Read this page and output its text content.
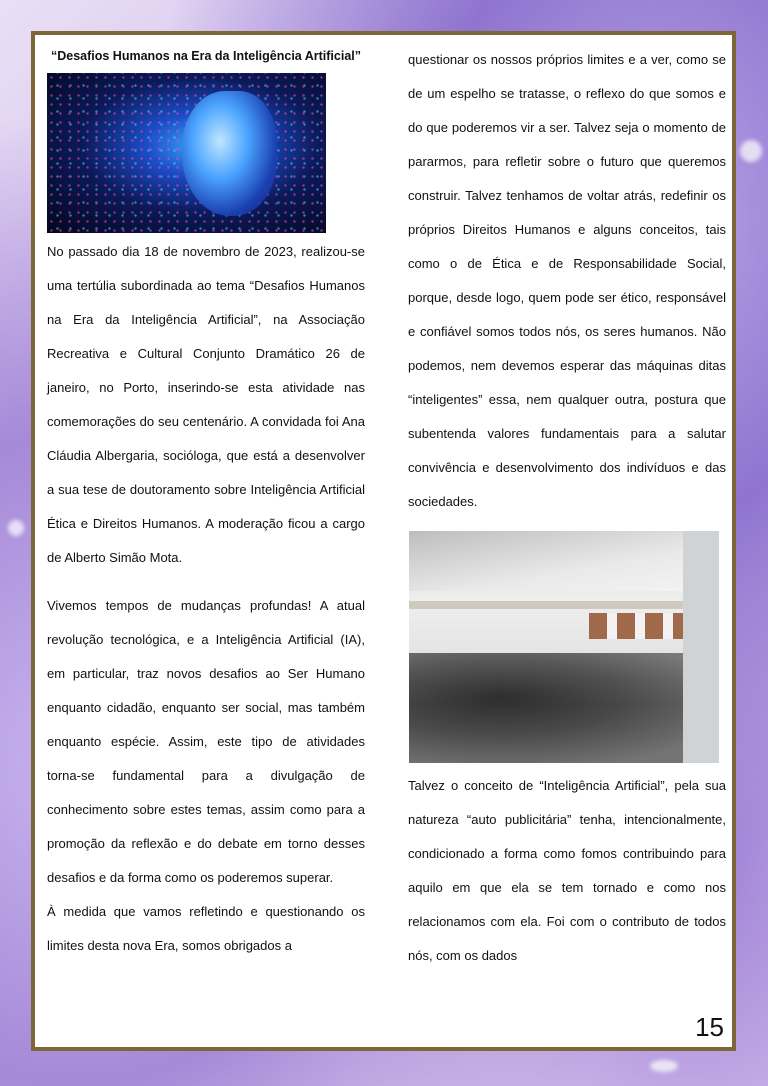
“Desafios Humanos na Era da Inteligência Artificial”

No passado dia 18 de novembro de 2023, realizou-se uma tertúlia subordinada ao tema “Desafios Humanos na Era da Inteligência Artificial”, na Associação Recreativa e Cultural Conjunto Dramático 26 de janeiro, no Porto, inserindo-se esta atividade nas comemorações do seu centenário. A convidada foi Ana Cláudia Albergaria, socióloga, que está a desenvolver a sua tese de doutoramento sobre Inteligência Artificial Ética e Direitos Humanos. A moderação ficou a cargo de Alberto Simão Mota.

Vivemos tempos de mudanças profundas! A atual revolução tecnológica, e a Inteligência Artificial (IA), em particular, traz novos desafios ao Ser Humano enquanto cidadão, enquanto ser social, mas também enquanto espécie. Assim, este tipo de atividades torna-se fundamental para a divulgação de conhecimento sobre estes temas, assim como para a promoção da reflexão e do debate em torno desses desafios e da forma como os poderemos superar.

À medida que vamos refletindo e questionando os limites desta nova Era, somos obrigados a

questionar os nossos próprios limites e a ver, como se de um espelho se tratasse, o reflexo do que somos e do que poderemos vir a ser. Talvez seja o momento de pararmos, para refletir sobre o futuro que queremos construir. Talvez tenhamos de voltar atrás, redefinir os próprios Direitos Humanos e alguns conceitos, tais como o de Ética e de Responsabilidade Social, porque, desde logo, quem pode ser ético, responsável e confiável somos todos nós, os seres humanos. Não podemos, nem devemos esperar das máquinas ditas “inteligentes” essa, nem qualquer outra, postura que subentenda valores fundamentais para a salutar convivência e desenvolvimento dos indivíduos e das sociedades.

Talvez o conceito de “Inteligência Artificial”, pela sua natureza “auto publicitária” tenha, intencionalmente, condicionado a forma como fomos contribuindo para aquilo em que ela se tem tornado e como nos relacionamos com ela. Foi com o contributo de todos nós, com os dados

15
